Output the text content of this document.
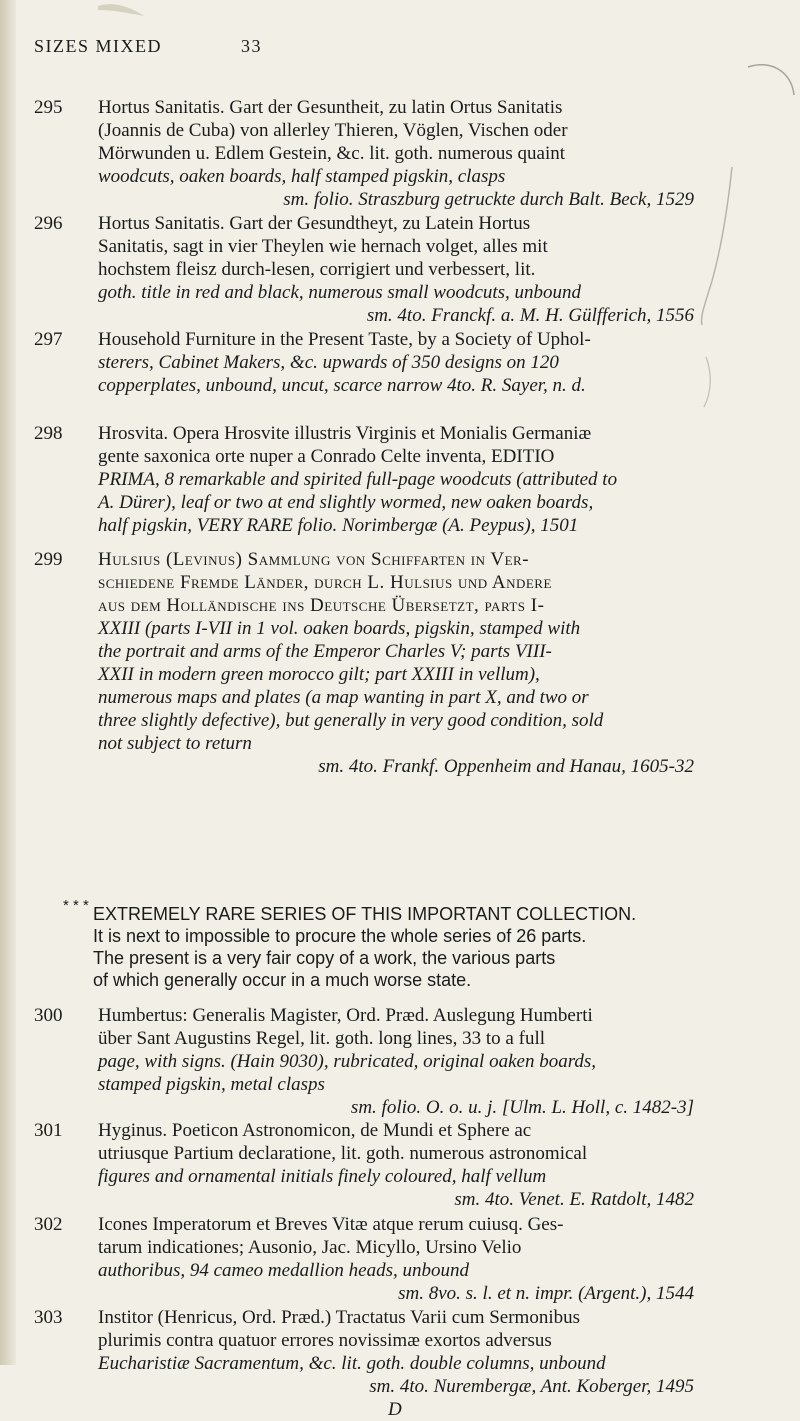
SIZES MIXED	33
295	Hortus Sanitatis. Gart der Gesuntheit, zu latin Ortus Sanitatis
(Joannis de Cuba) von allerley Thieren, Vöglen, Vischen oder
Mörwunden u. Edlem Gestein, &c. lit. goth. numerous quaint
woodcuts, oaken boards, half stamped pigskin, clasps
sm. folio. Straszburg getruckte durch Balt. Beck, 1529
296	Hortus Sanitatis. Gart der Gesundtheyt, zu Latein Hortus
Sanitatis, sagt in vier Theylen wie hernach volget, alles mit
hochstem fleisz durch-lesen, corrigiert und verbessert, lit.
goth. title in red and black, numerous small woodcuts, unbound
sm. 4to. Franckf. a. M. H. Gülfferich, 1556
297	Household Furniture in the Present Taste, by a Society of Uphol-
sterers, Cabinet Makers, &c. upwards of 350 designs on 120
copperplates, unbound, uncut, scarce narrow 4to. R. Sayer, n. d.
298	Hrosvita. Opera Hrosvite illustris Virginis et Monialis Germaniæ
gente saxonica orte nuper a Conrado Celte inventa, EDITIO
PRIMA, 8 remarkable and spirited full-page woodcuts (attributed to
A. Dürer), leaf or two at end slightly wormed, new oaken boards,
half pigskin, VERY RARE folio. Norimbergæ (A. Peypus), 1501
299	Hulsius (Levinus) Sammlung von Schiffarten in Ver-
schiedene Fremde Länder, durch L. Hulsius und Andere
aus dem Holländische ins Deutsche Übersetzt, parts I-
XXIII (parts I-VII in 1 vol. oaken boards, pigskin, stamped with
the portrait and arms of the Emperor Charles V; parts VIII-
XXII in modern green morocco gilt; part XXIII in vellum),
numerous maps and plates (a map wanting in part X, and two or
three slightly defective), but generally in very good condition, sold
not subject to return
sm. 4to. Frankf. Oppenheim and Hanau, 1605-32
* * * EXTREMELY RARE SERIES OF THIS IMPORTANT COLLECTION.
It is next to impossible to procure the whole series of 26 parts.
The present is a very fair copy of a work, the various parts
of which generally occur in a much worse state.
300	Humbertus: Generalis Magister, Ord. Præd. Auslegung Humberti
über Sant Augustins Regel, lit. goth. long lines, 33 to a full
page, with signs. (Hain 9030), rubricated, original oaken boards,
stamped pigskin, metal clasps
sm. folio. O. o. u. j. [Ulm. L. Holl, c. 1482-3]
301	Hyginus. Poeticon Astronomicon, de Mundi et Sphere ac
utriusque Partium declaratione, lit. goth. numerous astronomical
figures and ornamental initials finely coloured, half vellum
sm. 4to. Venet. E. Ratdolt, 1482
302	Icones Imperatorum et Breves Vitæ atque rerum cuiusq. Ges-
tarum indicationes; Ausonio, Jac. Micyllo, Ursino Velio
authoribus, 94 cameo medallion heads, unbound
sm. 8vo. s. l. et n. impr. (Argent.), 1544
303	Institor (Henricus, Ord. Præd.) Tractatus Varii cum Sermonibus
plurimis contra quatuor errores novissimæ exortos adversus
Eucharistiæ Sacramentum, &c. lit. goth. double columns, unbound
sm. 4to. Nurembergæ, Ant. Koberger, 1495
D
